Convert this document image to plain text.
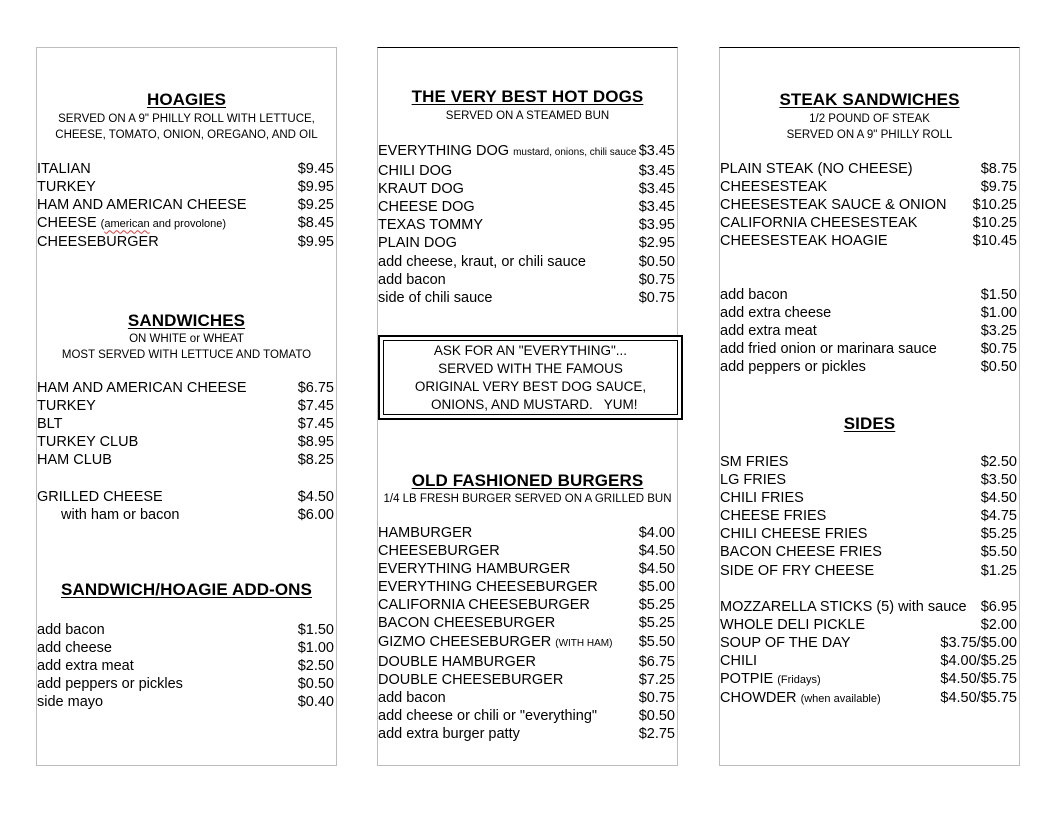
HOAGIES
SERVED ON A 9" PHILLY ROLL WITH LETTUCE,
CHEESE, TOMATO, ONION, OREGANO, AND OIL
ITALIAN	$9.45
TURKEY	$9.95
HAM AND AMERICAN CHEESE	$9.25
CHEESE (american and provolone)	$8.45
CHEESEBURGER	$9.95
SANDWICHES
ON WHITE or WHEAT
MOST SERVED WITH LETTUCE AND TOMATO
HAM AND AMERICAN CHEESE	$6.75
TURKEY	$7.45
BLT	$7.45
TURKEY CLUB	$8.95
HAM CLUB	$8.25
GRILLED CHEESE	$4.50
with ham or bacon	$6.00
SANDWICH/HOAGIE ADD-ONS
add bacon	$1.50
add cheese	$1.00
add extra meat	$2.50
add peppers or pickles	$0.50
side mayo	$0.40
THE VERY BEST HOT DOGS
SERVED ON A STEAMED BUN
EVERYTHING DOG mustard, onions, chili sauce $3.45
CHILI DOG	$3.45
KRAUT DOG	$3.45
CHEESE DOG	$3.45
TEXAS TOMMY	$3.95
PLAIN DOG	$2.95
add cheese, kraut, or chili sauce	$0.50
add bacon	$0.75
side of chili sauce	$0.75
ASK FOR AN "EVERYTHING"...
SERVED WITH THE FAMOUS
ORIGINAL VERY BEST DOG SAUCE,
ONIONS, AND MUSTARD.   YUM!
OLD FASHIONED BURGERS
1/4 LB FRESH BURGER SERVED ON A GRILLED BUN
HAMBURGER	$4.00
CHEESEBURGER	$4.50
EVERYTHING HAMBURGER	$4.50
EVERYTHING CHEESEBURGER	$5.00
CALIFORNIA CHEESEBURGER	$5.25
BACON CHEESEBURGER	$5.25
GIZMO CHEESEBURGER (WITH HAM) $5.50
DOUBLE HAMBURGER	$6.75
DOUBLE CHEESEBURGER	$7.25
add bacon	$0.75
add cheese or chili or "everything"	$0.50
add extra burger patty	$2.75
STEAK SANDWICHES
1/2 POUND OF STEAK
SERVED ON A 9" PHILLY ROLL
PLAIN STEAK (NO CHEESE)	$8.75
CHEESESTEAK	$9.75
CHEESESTEAK SAUCE & ONION $10.25
CALIFORNIA CHEESESTEAK	$10.25
CHEESESTEAK HOAGIE	$10.45
add bacon	$1.50
add extra cheese	$1.00
add extra meat	$3.25
add fried onion or marinara sauce	$0.75
add peppers or pickles	$0.50
SIDES
SM FRIES	$2.50
LG FRIES	$3.50
CHILI FRIES	$4.50
CHEESE FRIES	$4.75
CHILI CHEESE FRIES	$5.25
BACON CHEESE FRIES	$5.50
SIDE OF FRY CHEESE	$1.25
MOZZARELLA STICKS (5) with sauce $6.95
WHOLE DELI PICKLE	$2.00
SOUP OF THE DAY	$3.75/$5.00
CHILI	$4.00/$5.25
POTPIE (Fridays)	$4.50/$5.75
CHOWDER (when available)	$4.50/$5.75
